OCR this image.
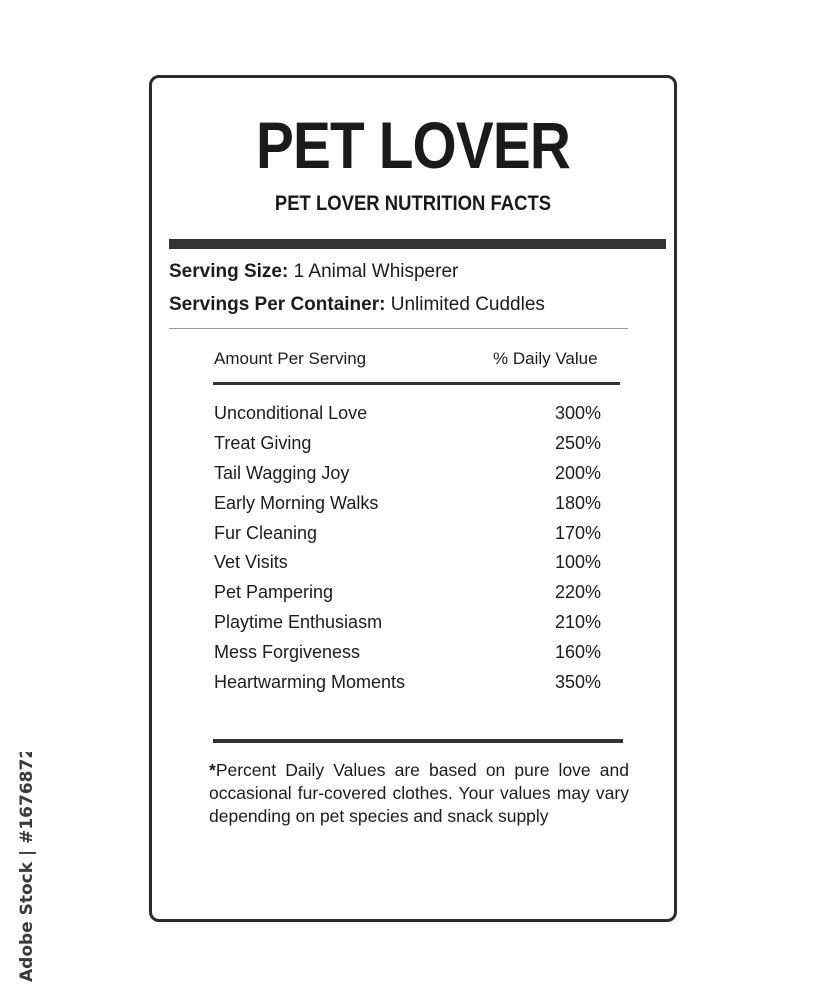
Adobe Stock | #167687245
PET LOVER
PET LOVER NUTRITION FACTS
Serving Size: 1 Animal Whisperer
Servings Per Container: Unlimited Cuddles
Amount Per Serving	% Daily Value
Unconditional Love	300%
Treat Giving	250%
Tail Wagging Joy	200%
Early Morning Walks	180%
Fur Cleaning	170%
Vet Visits	100%
Pet Pampering	220%
Playtime Enthusiasm	210%
Mess Forgiveness	160%
Heartwarming Moments	350%
*Percent Daily Values are based on pure love and occasional fur-covered clothes. Your values may vary depending on pet species and snack supply
